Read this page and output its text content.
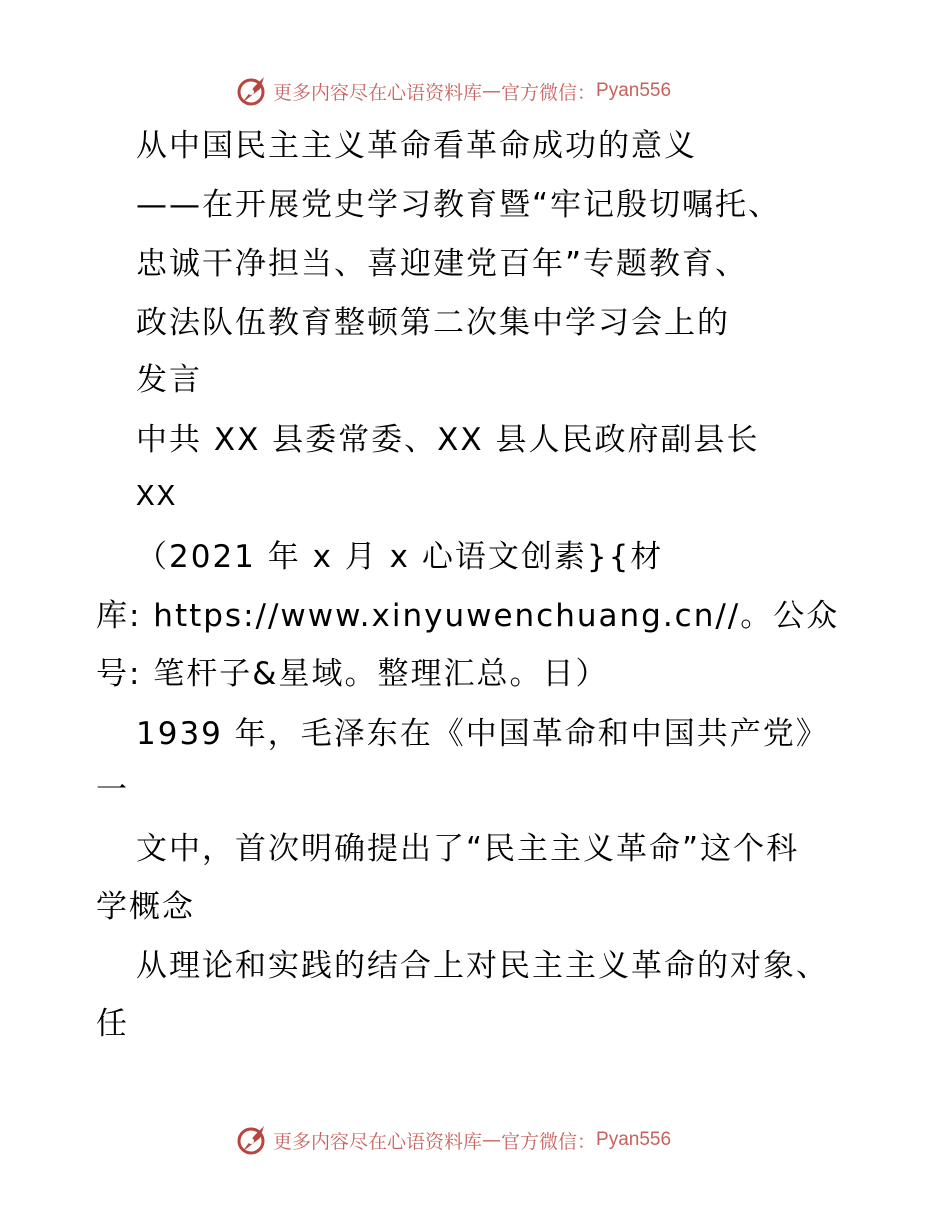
更多内容尽在心语资料库 — 官方微信： Pyan556
从中国民主主义革命看革命成功的意义
——在开展党史学习教育暨“牢记殷切嘱托、
忠诚干净担当、喜迎建党百年”专题教育、
政法队伍教育整顿第二次集中学习会上的
发言
中共 XX 县委常委、XX 县人民政府副县长
XX
（2021 年 x 月 x 心语文创素}{材
库: https://www.xinyuwenchuang.cn//。公众
号: 笔杆子&星域。整理汇总。日）
1939 年，毛泽东在《中国革命和中国共产党》
一
文中，首次明确提出了“民主主义革命”这个科
学概念
从理论和实践的结合上对民主主义革命的对象、
任
更多内容尽在心语资料库 — 官方微信： Pyan556
